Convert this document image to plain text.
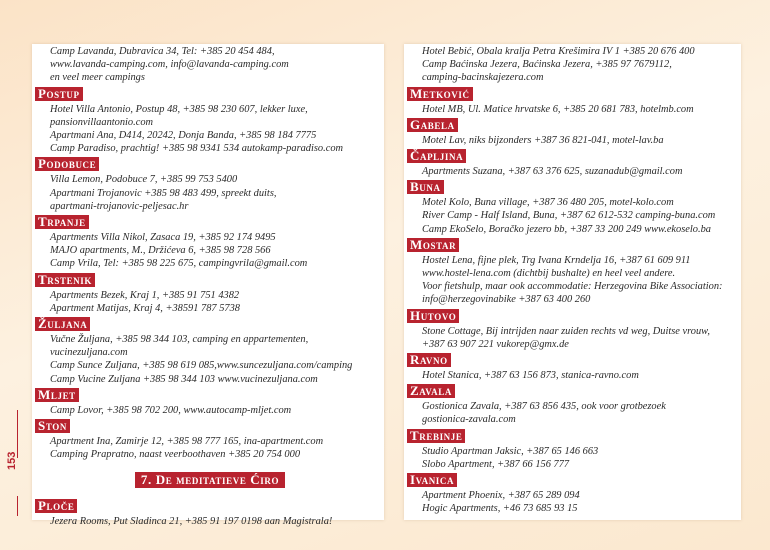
153
Camp Lavanda, Dubravica 34, Tel: +385 20 454 484,
www.lavanda-camping.com, info@lavanda-camping.com
en veel meer campings
Postup
Hotel Villa Antonio, Postup 48, +385 98 230 607, lekker luxe,
pansionvillaantonio.com
Apartmani Ana, D414, 20242, Donja Banda, +385 98 184 7775
Camp Paradiso, prachtig! +385 98 9341 534 autokamp-paradiso.com
Podobuce
Villa Lemon, Podobuce 7, +385 99 753 5400
Apartmani Trojanovic +385 98 483 499, spreekt duits,
apartmani-trojanovic-peljesac.hr
Trpanje
Apartments Villa Nikol, Zasaca 19, +385 92 174 9495
MAJO apartments, M., Držićeva 6, +385 98 728 566
Camp Vrila, Tel: +385 98 225 675, campingvrila@gmail.com
Trstenik
Apartments Bezek, Kraj 1, +385 91 751 4382
Apartment Matijas, Kraj 4, +38591 787 5738
Žuljana
Vučne Žuljana, +385 98 344 103, camping en appartementen,
vucinezuljana.com
Camp Sunce Zuljana, +385 98 619 085,www.suncezuljana.com/camping
Camp Vucine Zuljana +385 98 344 103 www.vucinezuljana.com
Mljet
Camp Lovor, +385 98 702 200, www.autocamp-mljet.com
Ston
Apartment Ina, Zamirje 12, +385 98 777 165, ina-apartment.com
Camping Prapratno, naast veerboothaven +385 20 754 000
7. De meditatieve Ćiro
Ploče
Jezera Rooms, Put Sladinca 21, +385 91 197 0198 aan Magistrala!
Hotel Bebić, Obala kralja Petra Krešimira IV 1 +385 20 676 400
Camp Baćinska Jezera, Baćinska Jezera, +385 97 7679112,
camping-bacinskajezera.com
Metković
Hotel MB, Ul. Matice hrvatske 6, +385 20 681 783, hotelmb.com
Gabela
Motel Lav, niks bijzonders +387 36 821-041, motel-lav.ba
Čapljina
Apartments Suzana, +387 63 376 625, suzanadub@gmail.com
Buna
Motel Kolo, Buna village, +387 36 480 205, motel-kolo.com
River Camp - Half Island, Buna, +387 62 612-532 camping-buna.com
Camp EkoSelo, Boračko jezero bb, +387 33 200 249 www.ekoselo.ba
Mostar
Hostel Lena, fijne plek, Trg Ivana Krndelja 16, +387 61 609 911
www.hostel-lena.com (dichtbij bushalte) en heel veel andere.
Voor fietshulp, maar ook accommodatie: Herzegovina Bike Association:
info@herzegovinabike +387 63 400 260
Hutovo
Stone Cottage, Bij intrijden naar zuiden rechts vd weg, Duitse vrouw,
+387 63 907 221 vukorep@gmx.de
Ravno
Hotel Stanica, +387 63 156 873, stanica-ravno.com
Zavala
Gostionica Zavala, +387 63 856 435, ook voor grotbezoek
gostionica-zavala.com
Trebinje
Studio Apartman Jaksic, +387 65 146 663
Slobo Apartment, +387 66 156 777
Ivanica
Apartment Phoenix, +387 65 289 094
Hogic Apartments, +46 73 685 93 15
